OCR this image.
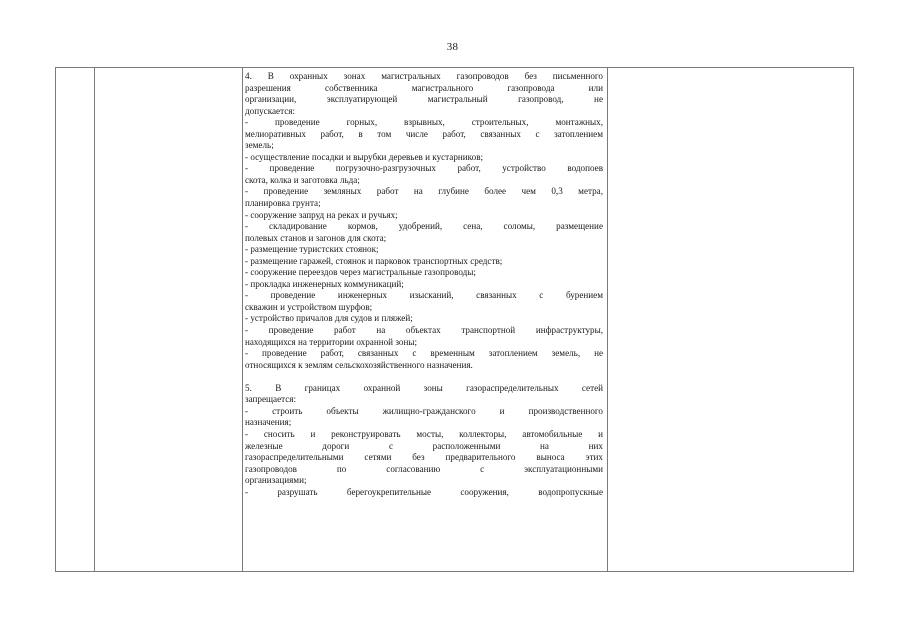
38
4. В охранных зонах магистральных газопроводов без письменного
разрешения собственника магистрального газопровода или
организации, эксплуатирующей магистральный газопровод, не
допускается:
- проведение горных, взрывных, строительных, монтажных,
мелиоративных работ, в том числе работ, связанных с затоплением
земель;
- осуществление посадки и вырубки деревьев и кустарников;
- проведение погрузочно-разгрузочных работ, устройство водопоев
скота, колка и заготовка льда;
- проведение земляных работ на глубине более чем 0,3 метра,
планировка грунта;
- сооружение запруд на реках и ручьях;
- складирование кормов, удобрений, сена, соломы, размещение
полевых станов и загонов для скота;
- размещение туристских стоянок;
- размещение гаражей, стоянок и парковок транспортных средств;
- сооружение переездов через магистральные газопроводы;
- прокладка инженерных коммуникаций;
- проведение инженерных изысканий, связанных с бурением
скважин и устройством шурфов;
- устройство причалов для судов и пляжей;
- проведение работ на объектах транспортной инфраструктуры,
находящихся на территории охранной зоны;
- проведение работ, связанных с временным затоплением земель, не
относящихся к землям сельскохозяйственного назначения.
5. В границах охранной зоны газораспределительных сетей
запрещается:
- строить объекты жилищно-гражданского и производственного
назначения;
- сносить и реконструировать мосты, коллекторы, автомобильные и
железные дороги с расположенными на них
газораспределительными сетями без предварительного выноса этих
газопроводов по согласованию с эксплуатационными
организациями;
- разрушать берегоукрепительные сооружения, водопропускные
